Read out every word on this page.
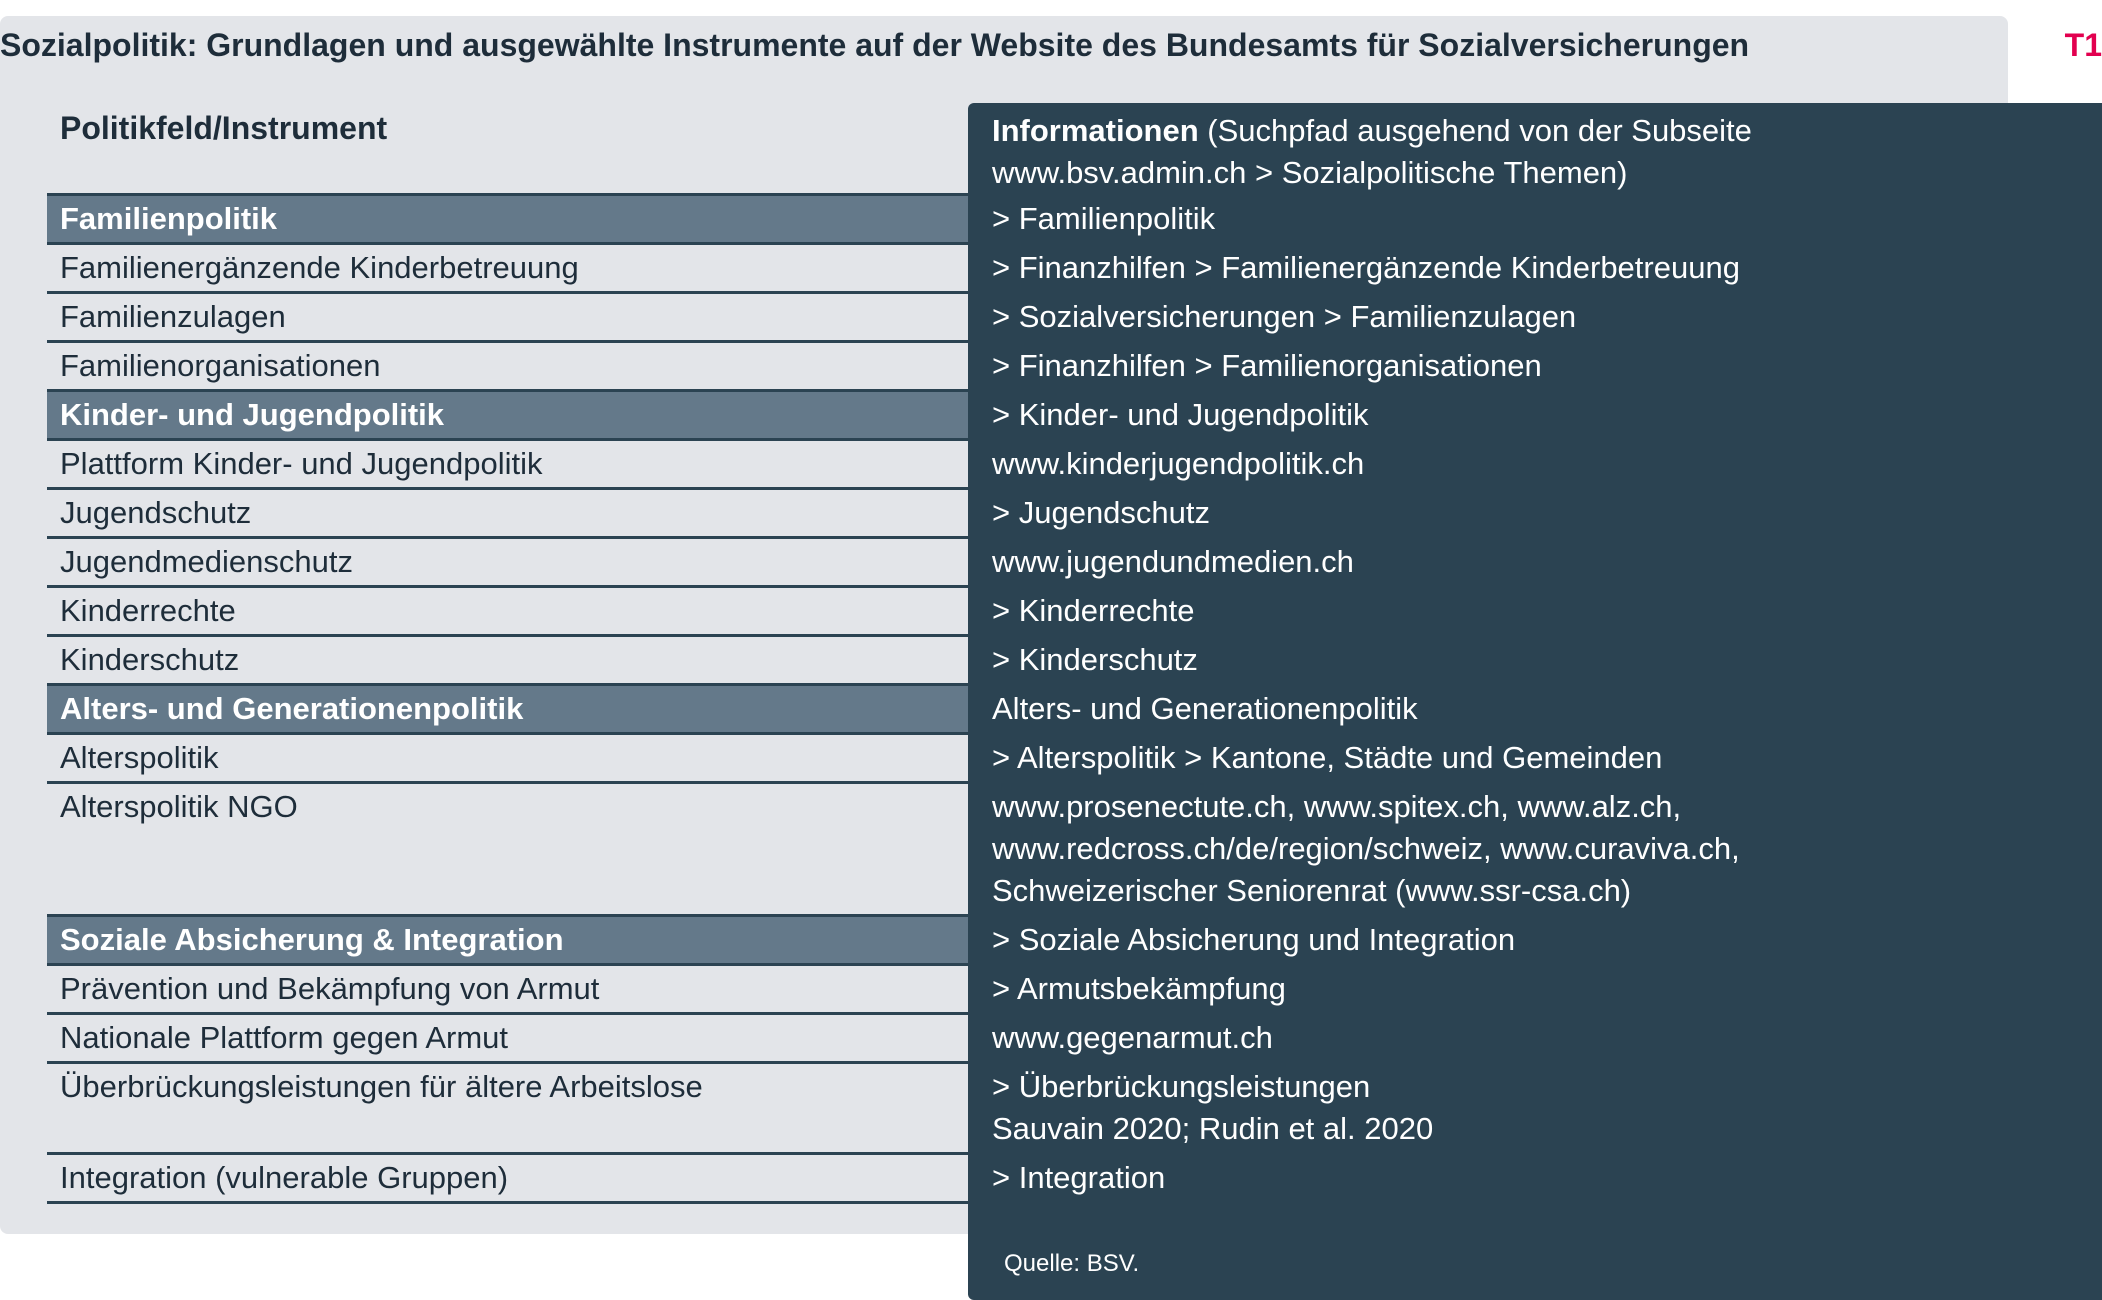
Sozialpolitik: Grundlagen und ausgewählte Instrumente auf der Website des Bundesamts für Sozialversicherungen	T1
Politikfeld/Instrument	Informationen (Suchpfad ausgehend von der Subseite
www.bsv.admin.ch > Sozialpolitische Themen)
Familienpolitik	> Familienpolitik
Familienergänzende Kinderbetreuung	> Finanzhilfen > Familienergänzende Kinderbetreuung
Familienzulagen	> Sozialversicherungen > Familienzulagen
Familienorganisationen	> Finanzhilfen > Familienorganisationen
Kinder- und Jugendpolitik	> Kinder- und Jugendpolitik
Plattform Kinder- und Jugendpolitik	www.kinderjugendpolitik.ch
Jugendschutz	> Jugendschutz
Jugendmedienschutz	www.jugendundmedien.ch
Kinderrechte	> Kinderrechte
Kinderschutz	> Kinderschutz
Alters- und Generationenpolitik	Alters- und Generationenpolitik
Alterspolitik	> Alterspolitik > Kantone, Städte und Gemeinden
Alterspolitik NGO	www.prosenectute.ch, www.spitex.ch, www.alz.ch,
www.redcross.ch/de/region/schweiz, www.curaviva.ch,
Schweizerischer Seniorenrat (www.ssr-csa.ch)
Soziale Absicherung & Integration	> Soziale Absicherung und Integration
Prävention und Bekämpfung von Armut	> Armutsbekämpfung
Nationale Plattform gegen Armut	www.gegenarmut.ch
Überbrückungsleistungen für ältere Arbeitslose	> Überbrückungsleistungen
Sauvain 2020; Rudin et al. 2020
Integration (vulnerable Gruppen)	> Integration
Quelle: BSV.
